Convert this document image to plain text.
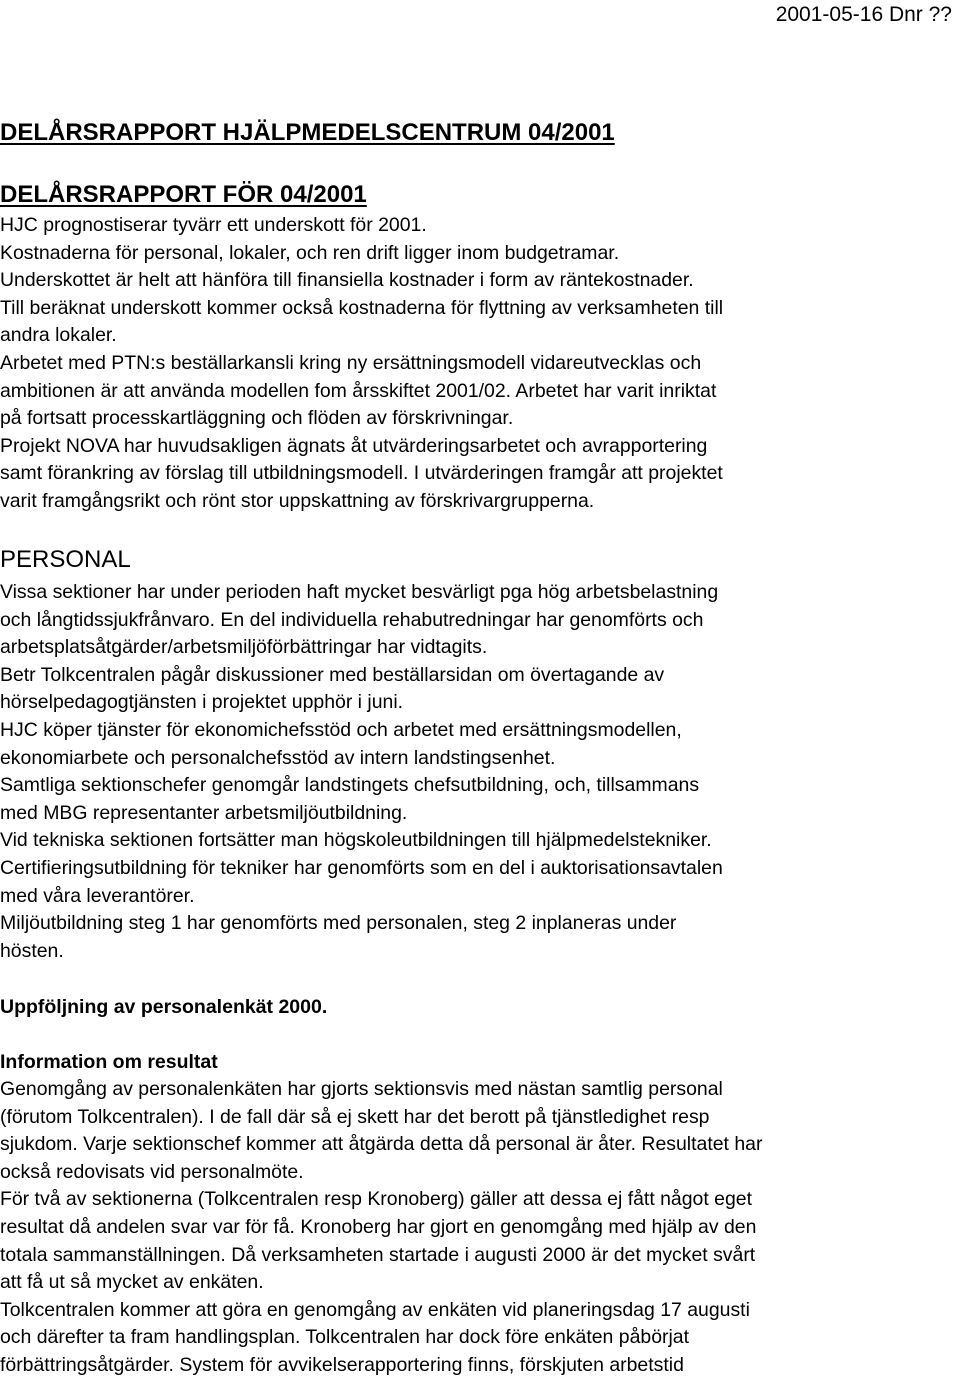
2001-05-16 Dnr ??
DELÅRSRAPPORT HJÄLPMEDELSCENTRUM 04/2001
DELÅRSRAPPORT FÖR 04/2001
HJC prognostiserar tyvärr ett underskott för 2001.
Kostnaderna för personal, lokaler, och ren drift ligger inom budgetramar.
Underskottet är helt att hänföra till finansiella kostnader i form av räntekostnader.
Till beräknat underskott kommer också kostnaderna för flyttning av verksamheten till
andra lokaler.
Arbetet med PTN:s beställarkansli kring ny ersättningsmodell vidareutvecklas och
ambitionen är att använda modellen fom årsskiftet 2001/02. Arbetet har varit inriktat
på fortsatt processkartläggning och flöden av förskrivningar.
Projekt NOVA har huvudsakligen ägnats åt utvärderingsarbetet och avrapportering
samt förankring av förslag till utbildningsmodell. I utvärderingen framgår att projektet
varit framgångsrikt och rönt stor uppskattning av förskrivargrupperna.
PERSONAL
Vissa sektioner har under perioden haft mycket besvärligt pga hög arbetsbelastning
och långtidssjukfrånvaro. En del individuella rehabutredningar har genomförts och
arbetsplatsåtgärder/arbetsmiljöförbättringar har vidtagits.
Betr Tolkcentralen pågår diskussioner med beställarsidan om övertagande av
hörselpedagogtjänsten i projektet upphör i juni.
HJC köper tjänster för ekonomichefsstöd och arbetet med ersättningsmodellen,
ekonomiarbete och personalchefsstöd av intern landstingsenhet.
Samtliga sektionschefer genomgår landstingets chefsutbildning, och, tillsammans
med MBG representanter arbetsmiljöutbildning.
Vid tekniska sektionen fortsätter man högskoleutbildningen till hjälpmedelstekniker.
Certifieringsutbildning för tekniker har genomförts som en del i auktorisationsavtalen
med våra leverantörer.
Miljöutbildning steg 1 har genomförts med personalen, steg 2 inplaneras under
hösten.
Uppföljning av personalenkät 2000.
Information om resultat
Genomgång av personalenkäten har gjorts sektionsvis med nästan samtlig personal
(förutom Tolkcentralen). I de fall där så ej skett har det berott på tjänstledighet resp
sjukdom. Varje sektionschef kommer att åtgärda detta då personal är åter. Resultatet har
också redovisats vid personalmöte.
För två av sektionerna (Tolkcentralen resp Kronoberg) gäller att dessa ej fått något eget
resultat då andelen svar var för få. Kronoberg har gjort en genomgång med hjälp av den
totala sammanställningen. Då verksamheten startade i augusti 2000 är det mycket svårt
att få ut så mycket av enkäten.
Tolkcentralen kommer att göra en genomgång av enkäten vid planeringsdag 17 augusti
och därefter ta fram handlingsplan. Tolkcentralen har dock före enkäten påbörjat
förbättringsåtgärder. System för avvikelserapportering finns, förskjuten arbetstid
